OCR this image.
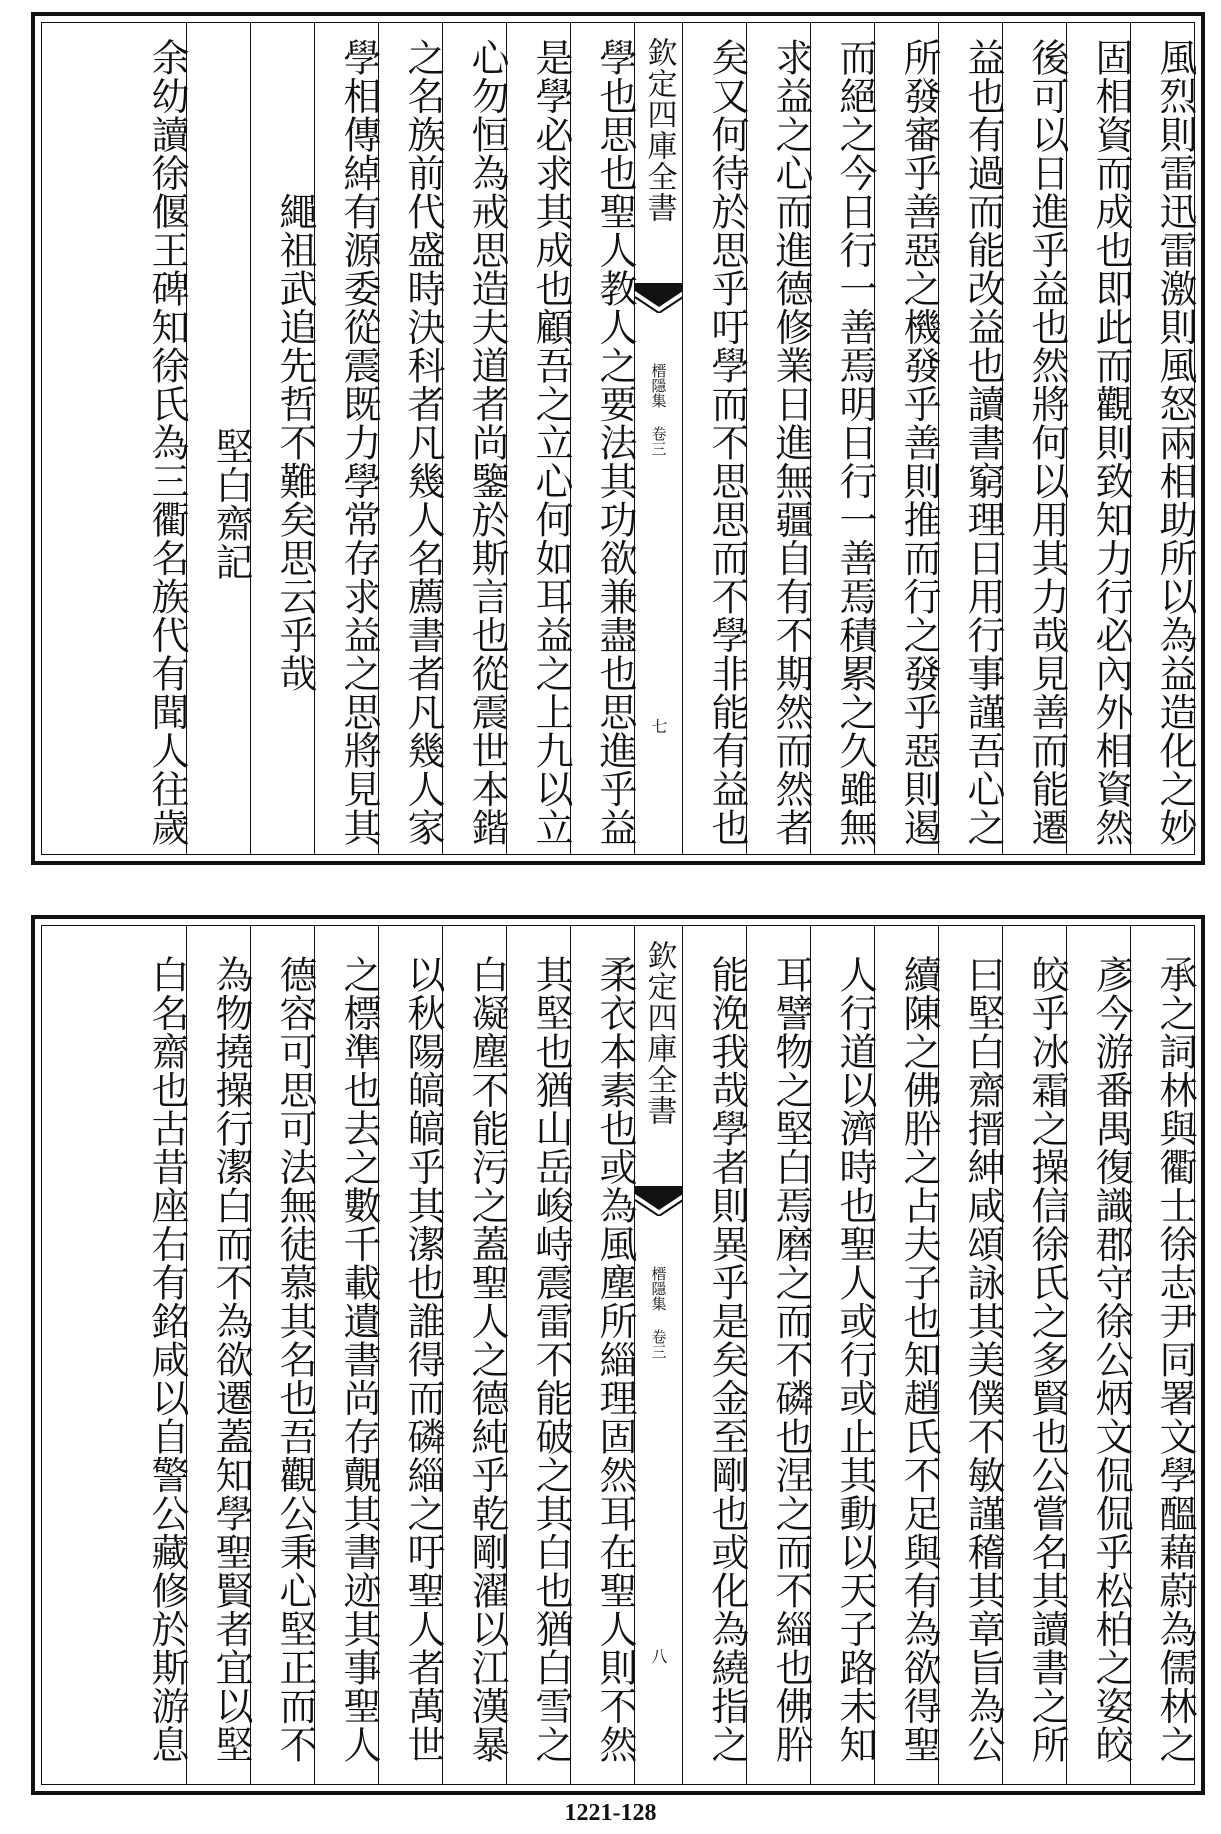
風烈則雷迅雷激則風怒兩相助所以為益造化之妙
固相資而成也即此而觀則致知力行必內外相資然
後可以日進乎益也然將何以用其力哉見善而能遷
益也有過而能改益也讀書窮理日用行事謹吾心之
所發審乎善惡之機發乎善則推而行之發乎惡則遏
而絕之今日行一善焉明日行一善焉積累之久雖無
求益之心而進德修業日進無疆自有不期然而然者
矣又何待於思乎吁學而不思思而不學非能有益也
欽定四庫全書
榗隱集 卷三
七
學也思也聖人教人之要法其功欲兼盡也思進乎益
是學必求其成也顧吾之立心何如耳益之上九以立
心勿恒為戒思造夫道者尚鑒於斯言也從震世本鍇
之名族前代盛時決科者凡幾人名薦書者凡幾人家
學相傳綽有源委從震既力學常存求益之思將見其
繩祖武追先哲不難矣思云乎哉
堅白齋記
余幼讀徐偃王碑知徐氏為三衢名族代有聞人往歲
承之詞林與衢士徐志尹同署文學醞藉蔚為儒林之
彥今游番禺復識郡守徐公炳文侃侃乎松柏之姿皎
皎乎冰霜之操信徐氏之多賢也公嘗名其讀書之所
曰堅白齋搢紳咸頌詠其美僕不敏謹稽其章旨為公
續陳之佛肸之占夫子也知趙氏不足與有為欲得聖
人行道以濟時也聖人或行或止其動以天子路未知
耳譬物之堅白焉磨之而不磷也涅之而不緇也佛肸
能浼我哉學者則異乎是矣金至剛也或化為繞指之
欽定四庫全書
榗隱集 卷三
八
柔衣本素也或為風塵所緇理固然耳在聖人則不然
其堅也猶山岳峻峙震雷不能破之其白也猶白雪之
白凝塵不能污之蓋聖人之德純乎乾剛濯以江漢暴
以秋陽皜皜乎其潔也誰得而磷緇之吁聖人者萬世
之標準也去之數千載遺書尚存覿其書迹其事聖人
德容可思可法無徒慕其名也吾觀公秉心堅正而不
為物撓操行潔白而不為欲遷蓋知學聖賢者宜以堅
白名齋也古昔座右有銘咸以自警公藏修於斯游息
1221-128
